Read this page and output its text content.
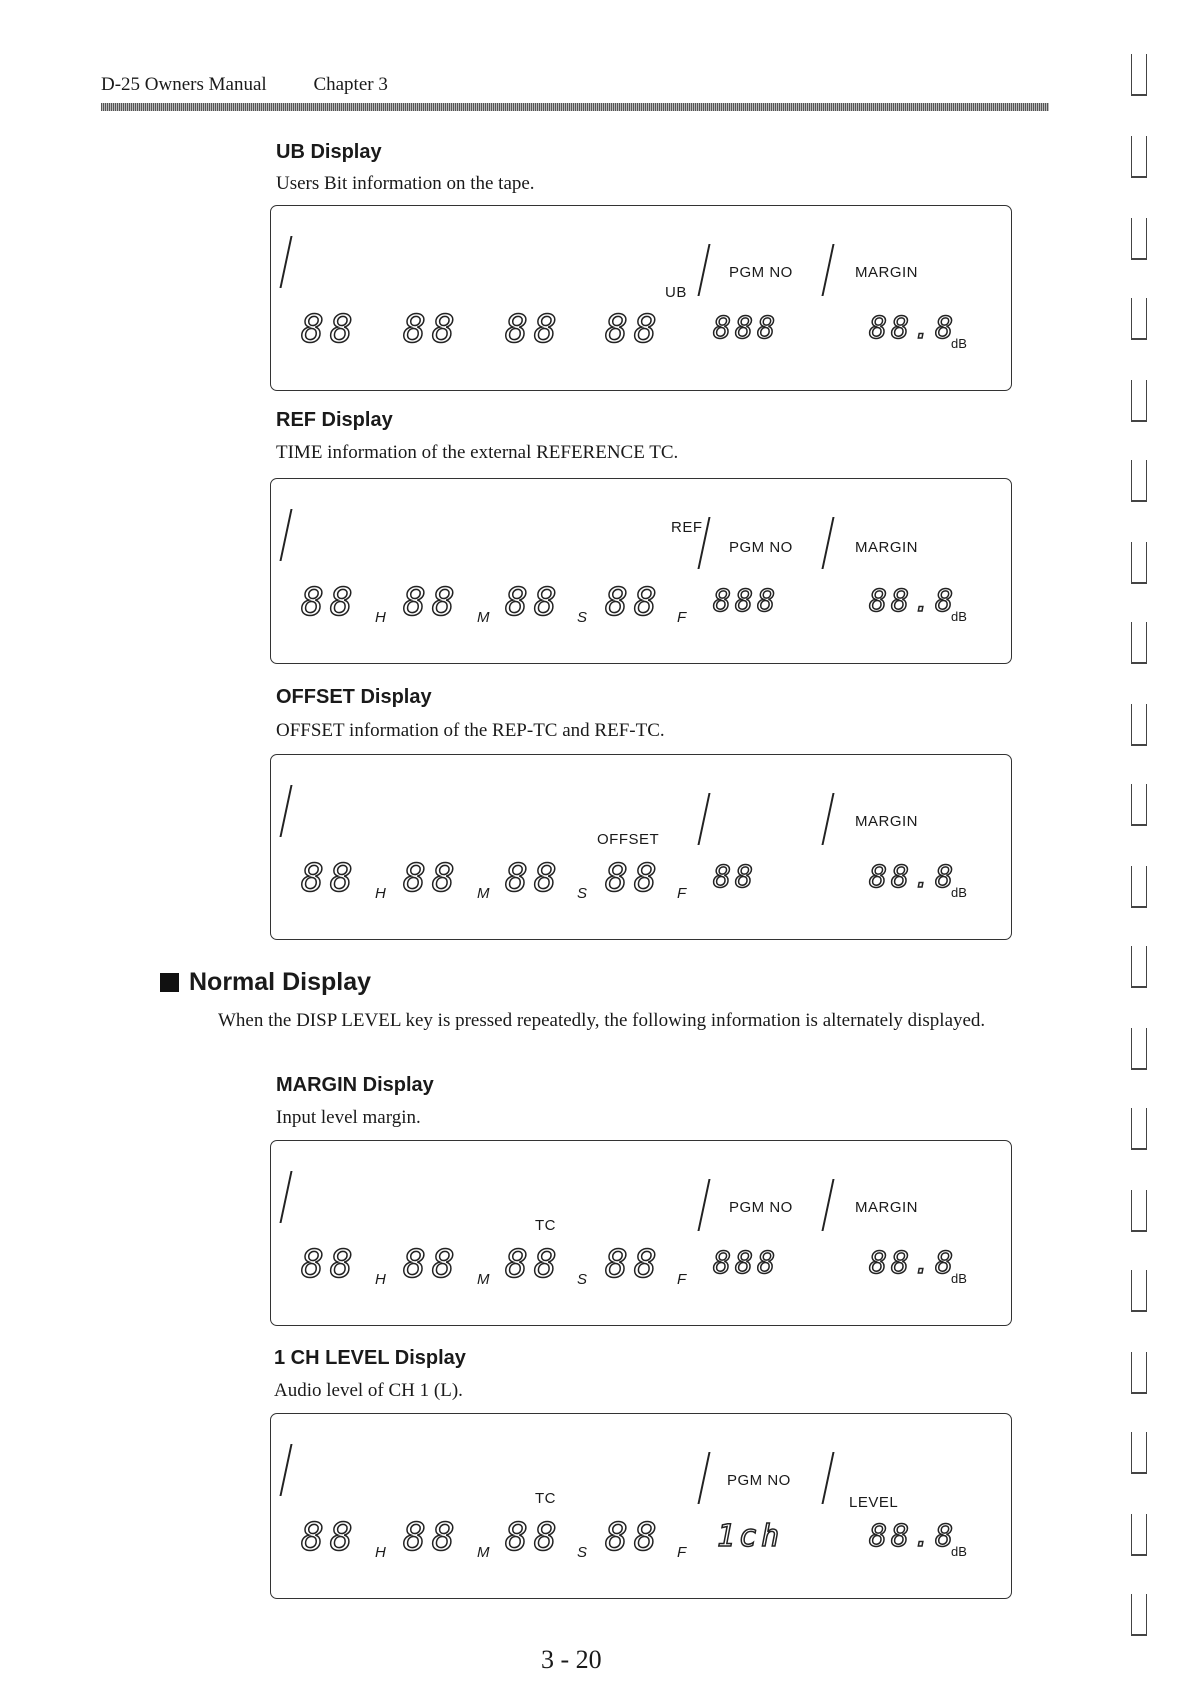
D-25 Owners Manual Chapter 3
UB Display
Users Bit information on the tape.
UB
PGM NO	MARGIN
88 88 88 88 888	88.8
dB
REF Display
TIME information of the external REFERENCE TC.
REF
PGM NO	MARGIN
88 H 88 M 88 S 88 F 888	88.8
dB
OFFSET Display
OFFSET information of the REP-TC and REF-TC.
OFFSET
MARGIN
88 H 88 M 88 S 88 F 88	88.8
dB
Normal Display
When the DISP LEVEL key is pressed repeatedly, the following information is alternately displayed.
MARGIN Display
Input level margin.
TC
PGM NO	MARGIN
88 H 88 M 88 S 88 F 888	88.8
dB
1 CH LEVEL Display
Audio level of CH 1 (L).
TC
PGM NO
LEVEL
88 H 88 M 88 S 88 F 1ch	88.8
dB
3 - 20
